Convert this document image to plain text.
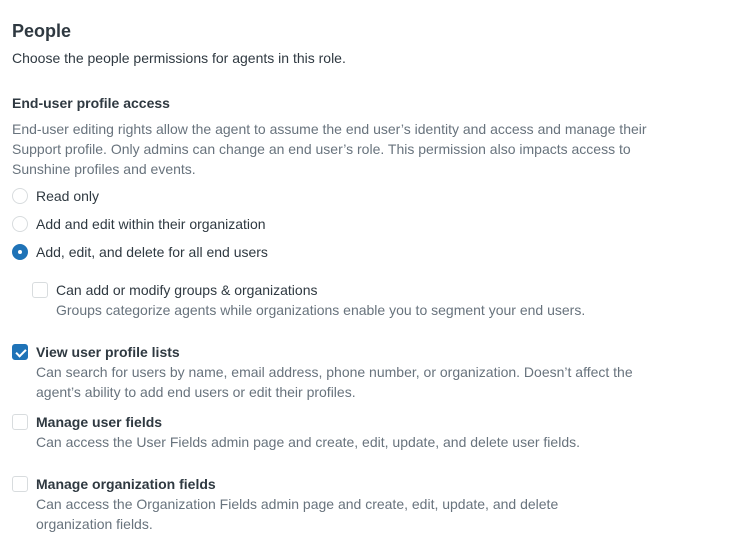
People
Choose the people permissions for agents in this role.
End-user profile access
End-user editing rights allow the agent to assume the end user’s identity and access and manage their Support profile. Only admins can change an end user’s role. This permission also impacts access to Sunshine profiles and events.
Read only
Add and edit within their organization
Add, edit, and delete for all end users
Can add or modify groups & organizations
Groups categorize agents while organizations enable you to segment your end users.
View user profile lists
Can search for users by name, email address, phone number, or organization. Doesn’t affect the agent’s ability to add end users or edit their profiles.
Manage user fields
Can access the User Fields admin page and create, edit, update, and delete user fields.
Manage organization fields
Can access the Organization Fields admin page and create, edit, update, and delete organization fields.
